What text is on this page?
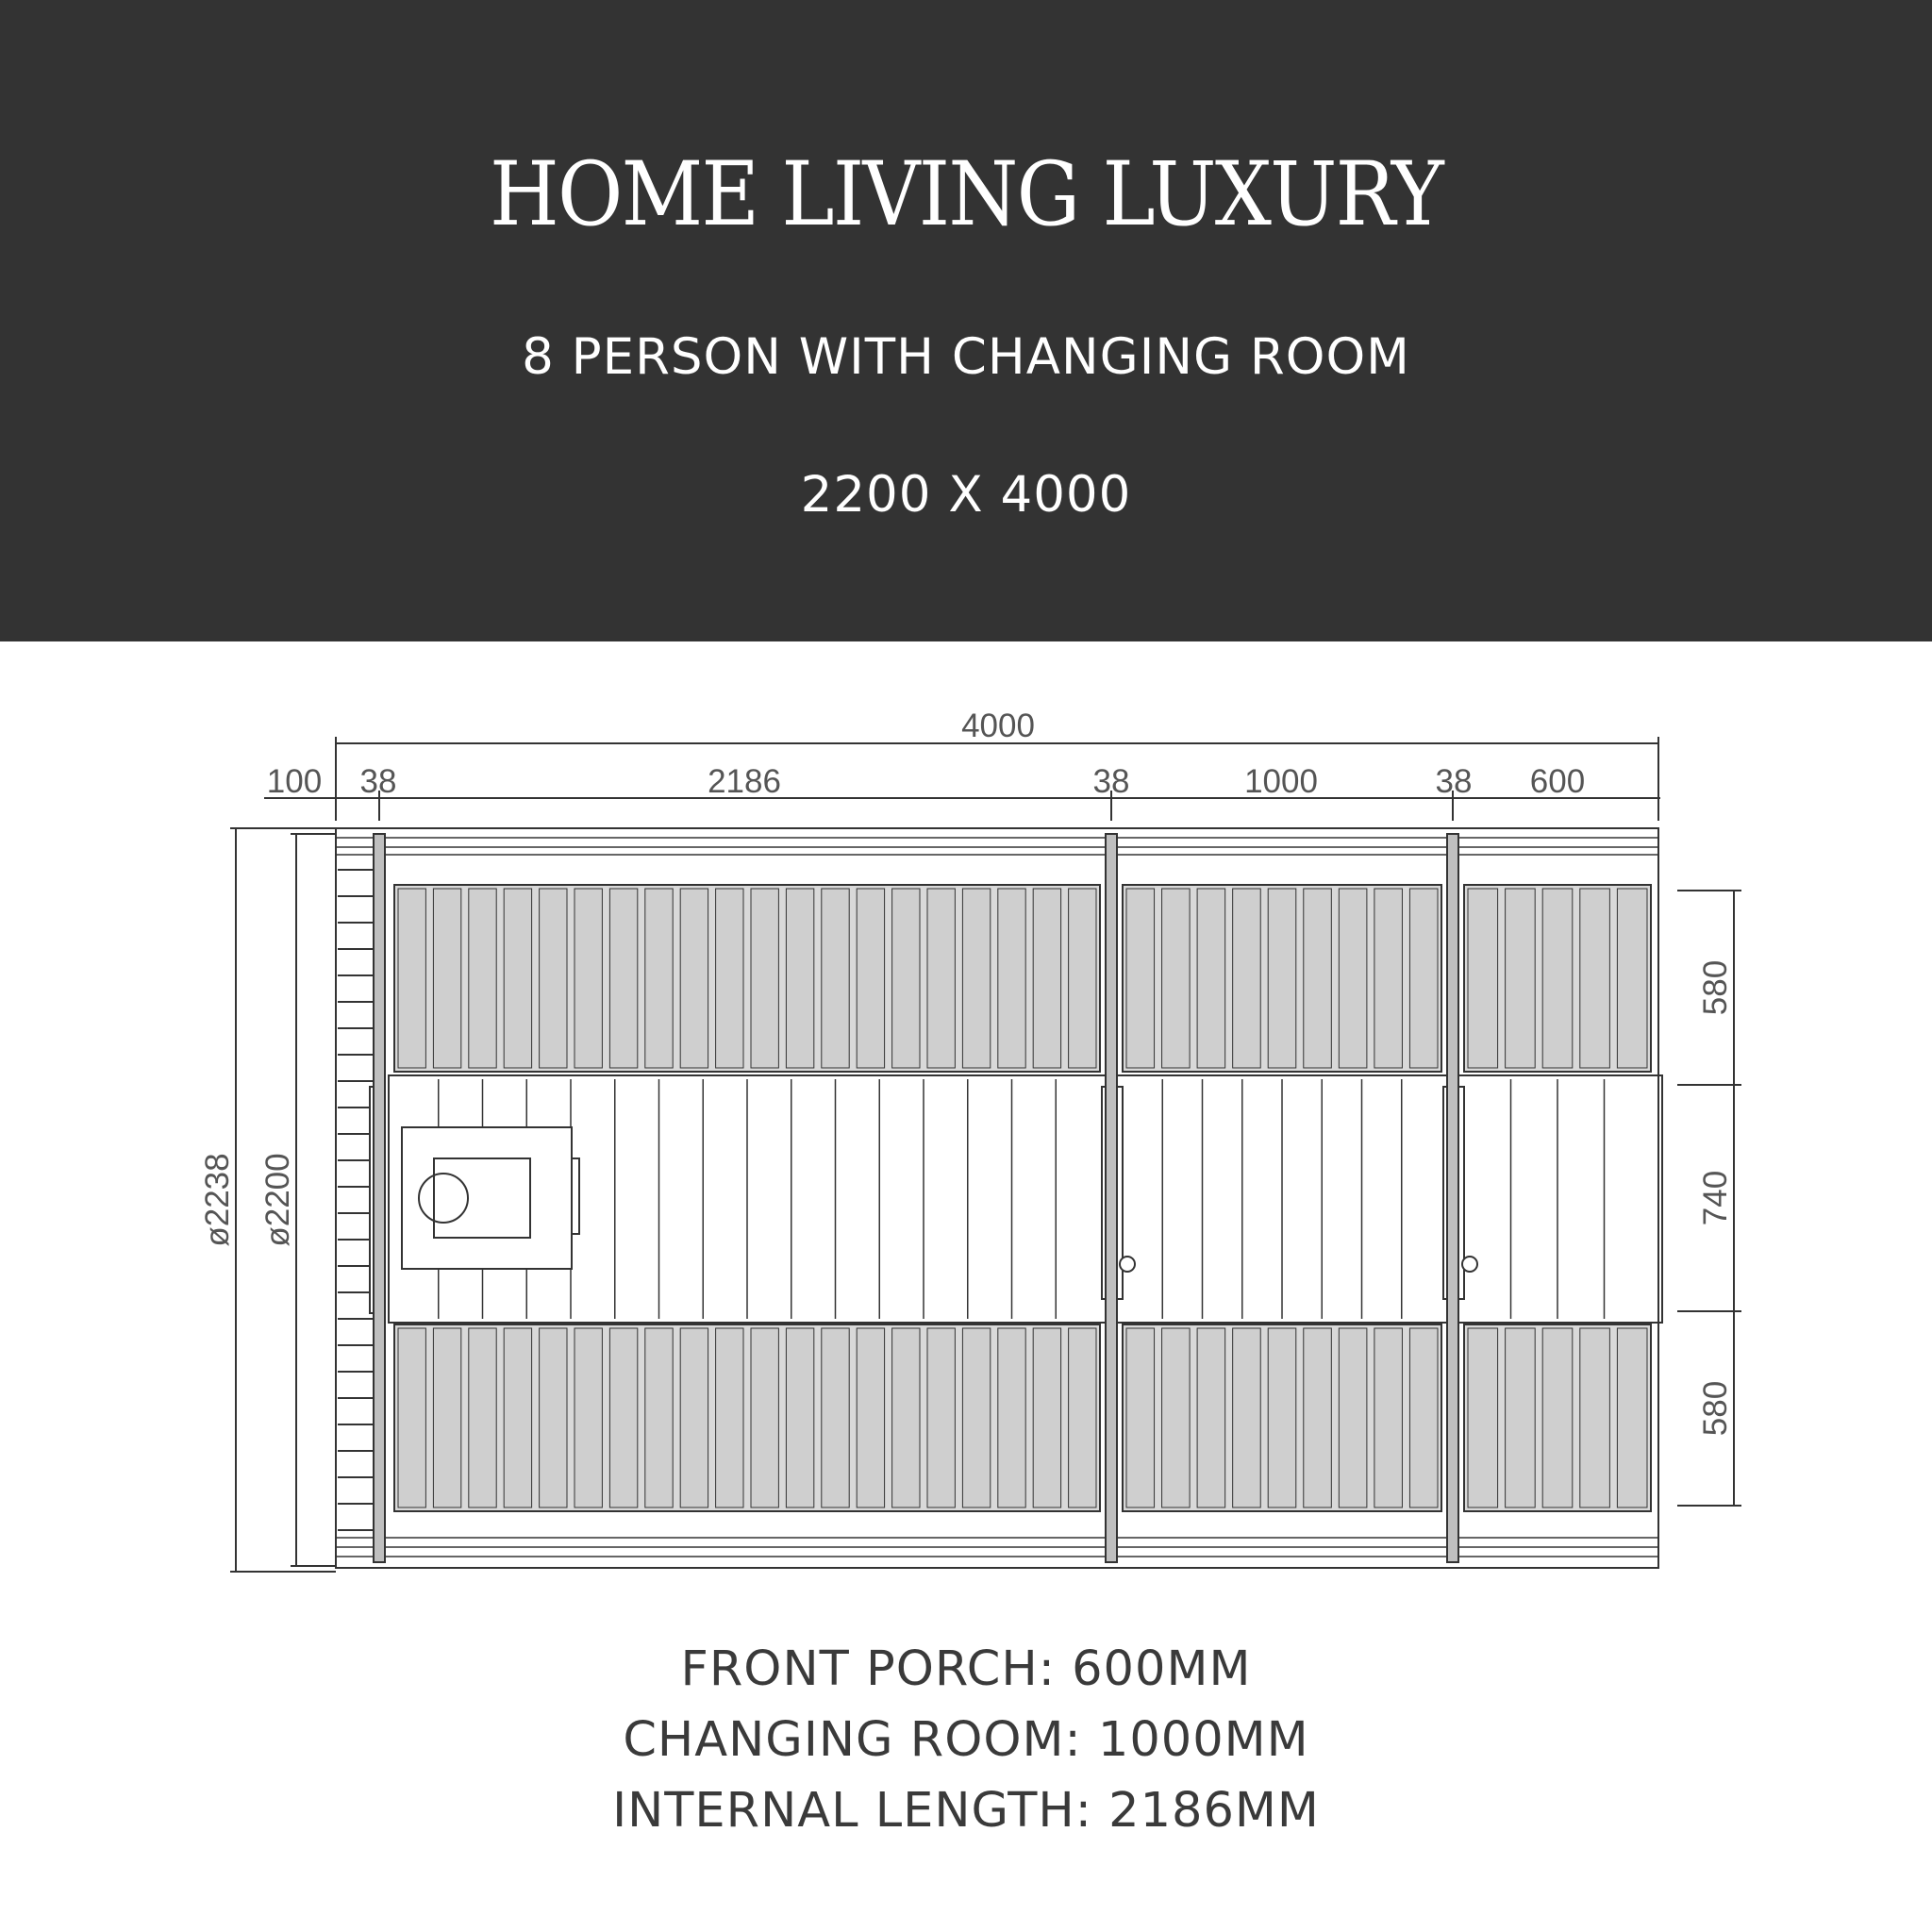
HOME LIVING LUXURY
8 PERSON WITH CHANGING ROOM
2200 X 4000
4000
100 38	2186	38	1000	38 600
ø2238 ø2200
580
740
580
FRONT PORCH: 600MM
CHANGING ROOM: 1000MM
INTERNAL LENGTH: 2186MM
